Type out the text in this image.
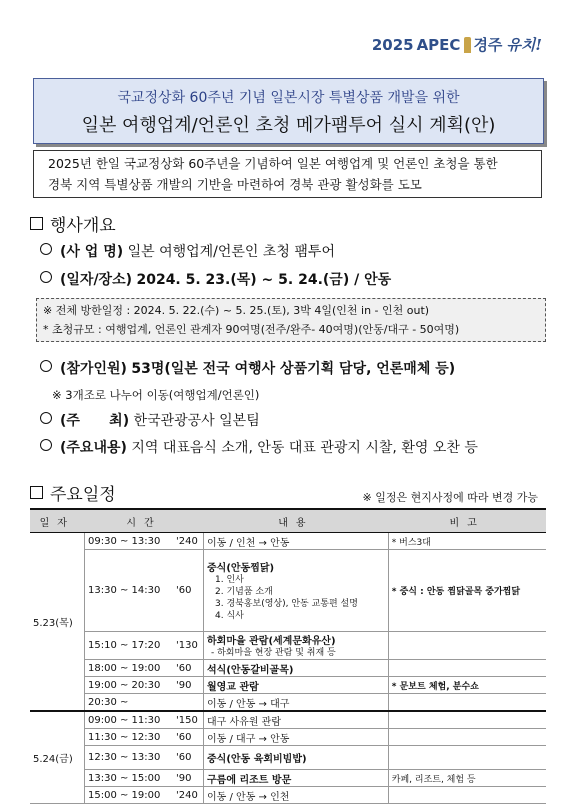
2025 APEC 경주 유치!
국교정상화 60주년 기념 일본시장 특별상품 개발을 위한
일본 여행업계/언론인 초청 메가팸투어 실시 계획(안)
2025년 한일 국교정상화 60주년을 기념하여 일본 여행업계 및 언론인 초청을 통한
경북 지역 특별상품 개발의 기반을 마련하여 경북 관광 활성화를 도모
행사개요
(사 업 명) 일본 여행업계/언론인 초청 팸투어
(일자/장소) 2024. 5. 23.(목) ~ 5. 24.(금) / 안동
※ 전체 방한일정 : 2024. 5. 22.(수) ~ 5. 25.(토), 3박 4일(인천 in - 인천 out)
* 초청규모 : 여행업계, 언론인 관계자 90여명(전주/완주- 40여명)(안동/대구 - 50여명)
(참가인원) 53명(일본 전국 여행사 상품기획 담당, 언론매체 등)
※ 3개조로 나누어 이동(여행업계/언론인)
(주      최) 한국관광공사 일본팀
(주요내용) 지역 대표음식 소개, 안동 대표 관광지 시찰, 환영 오찬 등
주요일정	※ 일정은 현지사정에 따라 변경 가능
일자	시간		내용	비고
5.23(목)	09:30 ~ 13:30	'240	이동 / 인천 → 안동	* 버스3대
	13:30 ~ 14:30	'60	중식(안동찜닭)
1. 인사
2. 기념품 소개
3. 경북홍보(영상), 안동 교통편 설명
4. 식사	* 중식 : 안동 찜닭골목 중가찜닭
	15:10 ~ 17:20	'130	하회마을 관람(세계문화유산)
- 하회마을 현장 관람 및 취재 등	

	18:00 ~ 19:00	'60	석식(안동갈비골목)	
	19:00 ~ 20:30	'90	월영교 관람	* 문보트 체험, 분수쇼
	20:30 ~		이동 / 안동 → 대구	
5.24(금)	09:00 ~ 11:30	'150	대구 사유원 관람	
	11:30 ~ 12:30	'60	이동 / 대구 → 안동	
	12:30 ~ 13:30	'60	중식(안동 육회비빔밥)	
	13:30 ~ 15:00	'90	구름에 리조트 방문	카페, 리조트, 체험 등
	15:00 ~ 19:00	'240	이동 / 안동 → 인천	
